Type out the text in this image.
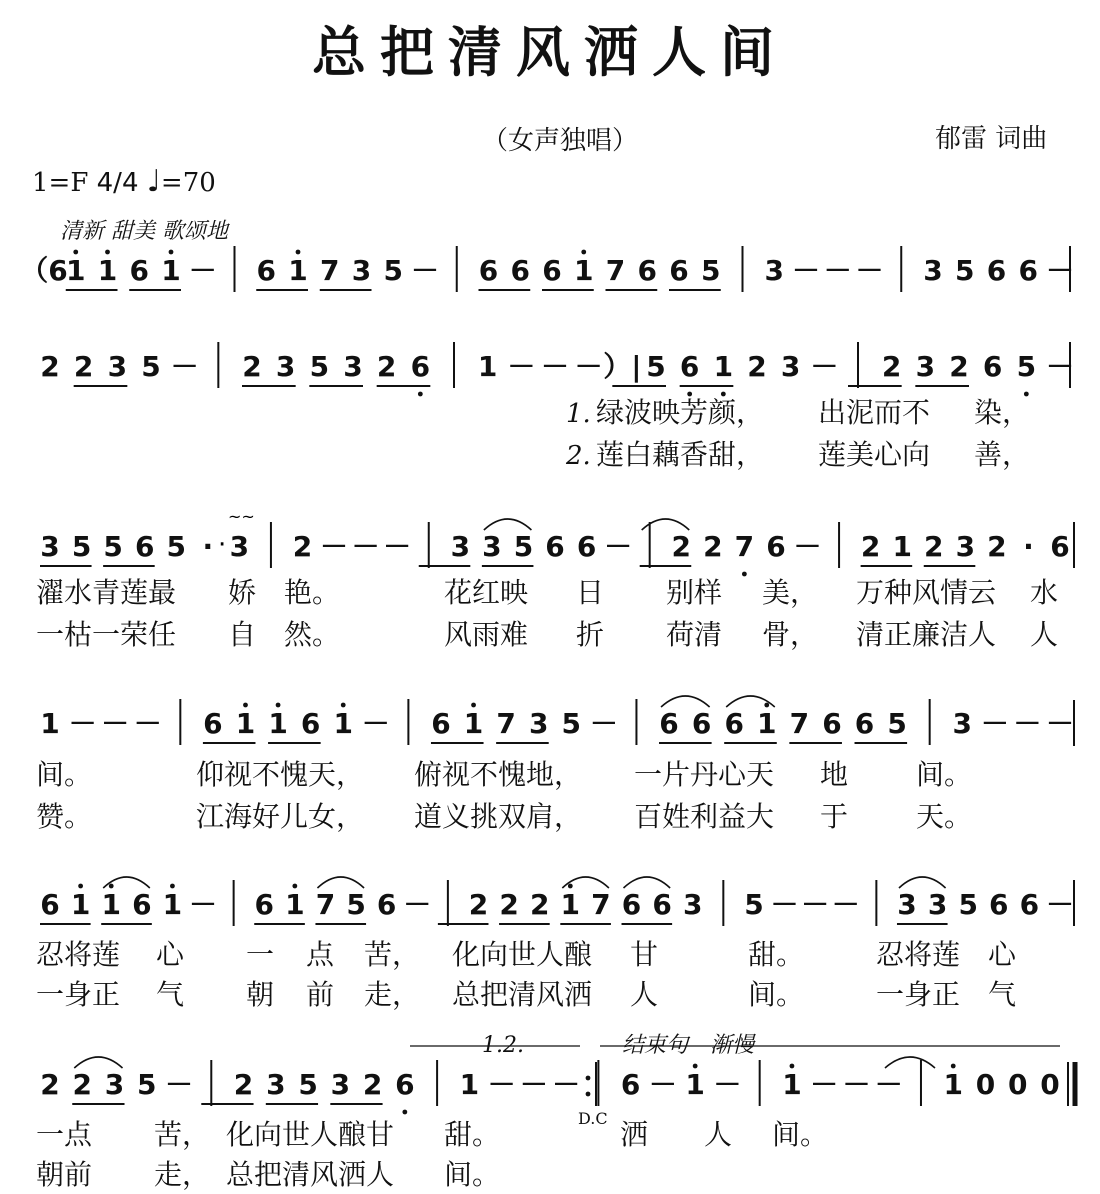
总把清风洒人间
（女声独唱）	郁雷 词曲
1=F 4/4 ♩=70
清新 甜美 歌颂地
（6
1 1 6 1 － 6 1 7 3 5 － 6 6 6 1 7 6 6 5 3 － － － 3 5 6 6 －
2 2 3 5 － 2 3 5 3 2 6 1 － － － ）| 5 6 1 2 3 － 2 3 2 6 5 －
3 5 5 6 5 · 3 2 － － － 3 3 5 6 6 － 2 2 7 6 － 2 1 2 3 2 · 6
1 － － － 6 1 1 6 1 － 6 1 7 3 5 － 6 6 6 1 7 6 6 5 3 － － －
6 1 1 6 1 － 6 1 7 5 6 － 2 2 2 1 7 6 6 3 5 － － － 3 3 5 6 6 －
2 2 3 5 － 2 3 5 3 2 6 1 － － － 6 － 1 － 1 － － － 1 0 0 0
·
~~
1.2.	结束句 渐慢
D.C
1. 绿波映芳颜， 出泥而不 染，
2. 莲白藕香甜， 莲美心向 善，
濯水青莲最 娇 艳。	花红映 日 别样 美， 万种风情云 水
一枯一荣任 自 然。	风雨难 折 荷清 骨， 清正廉洁人 人
间。	仰视不愧天， 俯视不愧地， 一片丹心天 地 间。
赞。	江海好儿女， 道义挑双肩， 百姓利益大 于 天。
忍将莲 心 一 点 苦， 化向世人酿 甘	甜。	忍将莲 心
一身正 气 朝 前 走， 总把清风洒 人	间。	一身正 气
一点 苦， 化向世人酿甘 甜。	洒 人 间。
朝前 走， 总把清风洒人 间。
